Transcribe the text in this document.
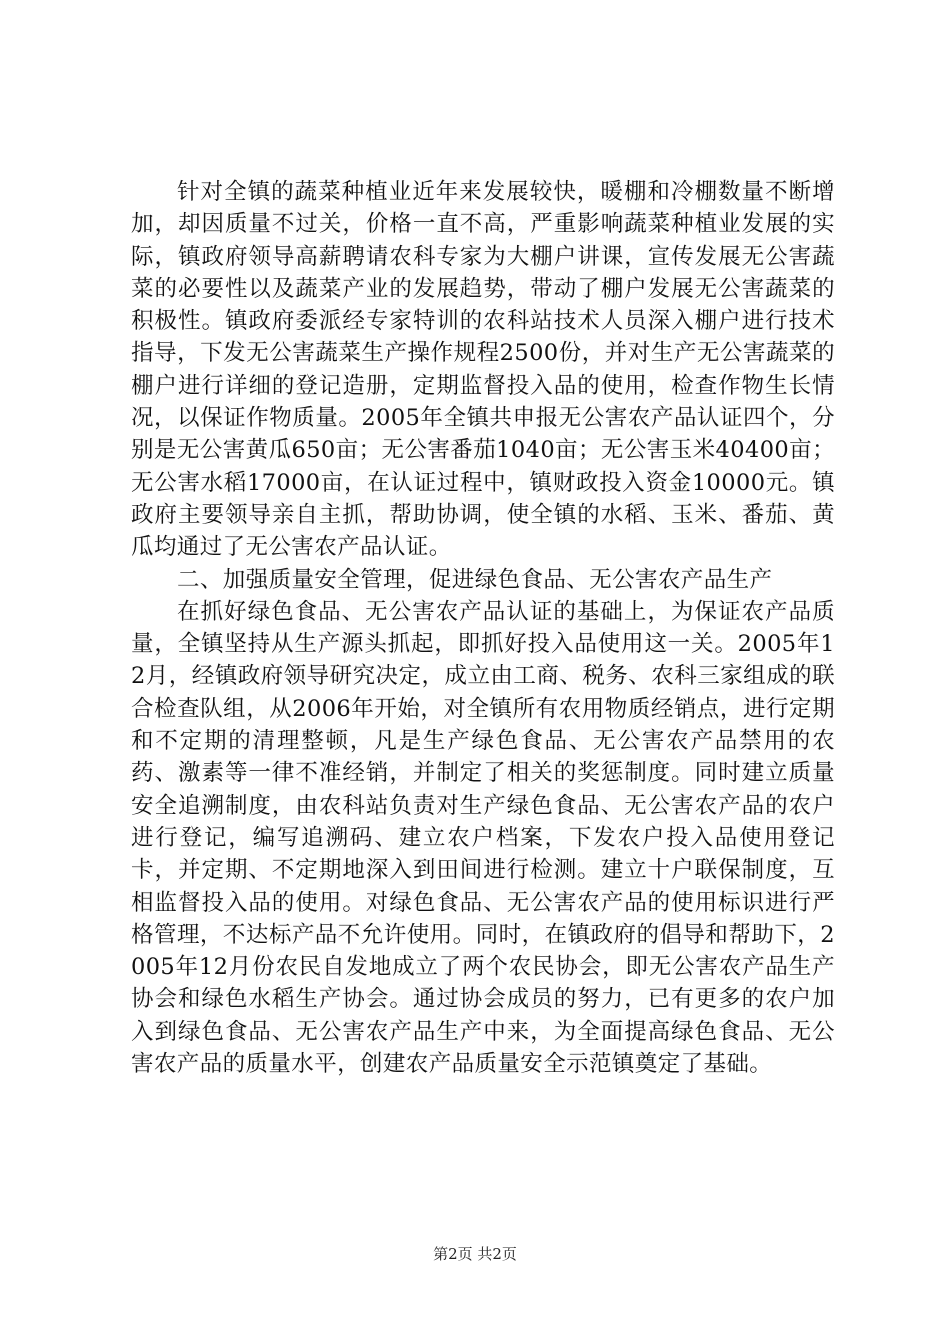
针对全镇的蔬菜种植业近年来发展较快，暖棚和冷棚数量不断增加，却因质量不过关，价格一直不高，严重影响蔬菜种植业发展的实际，镇政府领导高薪聘请农科专家为大棚户讲课，宣传发展无公害蔬菜的必要性以及蔬菜产业的发展趋势，带动了棚户发展无公害蔬菜的积极性。镇政府委派经专家特训的农科站技术人员深入棚户进行技术指导，下发无公害蔬菜生产操作规程2500份，并对生产无公害蔬菜的棚户进行详细的登记造册，定期监督投入品的使用，检查作物生长情况，以保证作物质量。2005年全镇共申报无公害农产品认证四个，分别是无公害黄瓜650亩；无公害番茄1040亩；无公害玉米40400亩；无公害水稻17000亩，在认证过程中，镇财政投入资金10000元。镇政府主要领导亲自主抓，帮助协调，使全镇的水稻、玉米、番茄、黄瓜均通过了无公害农产品认证。

二、加强质量安全管理，促进绿色食品、无公害农产品生产

在抓好绿色食品、无公害农产品认证的基础上，为保证农产品质量，全镇坚持从生产源头抓起，即抓好投入品使用这一关。2005年12月，经镇政府领导研究决定，成立由工商、税务、农科三家组成的联合检查队组，从2006年开始，对全镇所有农用物质经销点，进行定期和不定期的清理整顿，凡是生产绿色食品、无公害农产品禁用的农药、激素等一律不准经销，并制定了相关的奖惩制度。同时建立质量安全追溯制度，由农科站负责对生产绿色食品、无公害农产品的农户进行登记，编写追溯码、建立农户档案，下发农户投入品使用登记卡，并定期、不定期地深入到田间进行检测。建立十户联保制度，互相监督投入品的使用。对绿色食品、无公害农产品的使用标识进行严格管理，不达标产品不允许使用。同时，在镇政府的倡导和帮助下，2005年12月份农民自发地成立了两个农民协会，即无公害农产品生产协会和绿色水稻生产协会。通过协会成员的努力，已有更多的农户加入到绿色食品、无公害农产品生产中来，为全面提高绿色食品、无公害农产品的质量水平，创建农产品质量安全示范镇奠定了基础。

第2页 共2页
